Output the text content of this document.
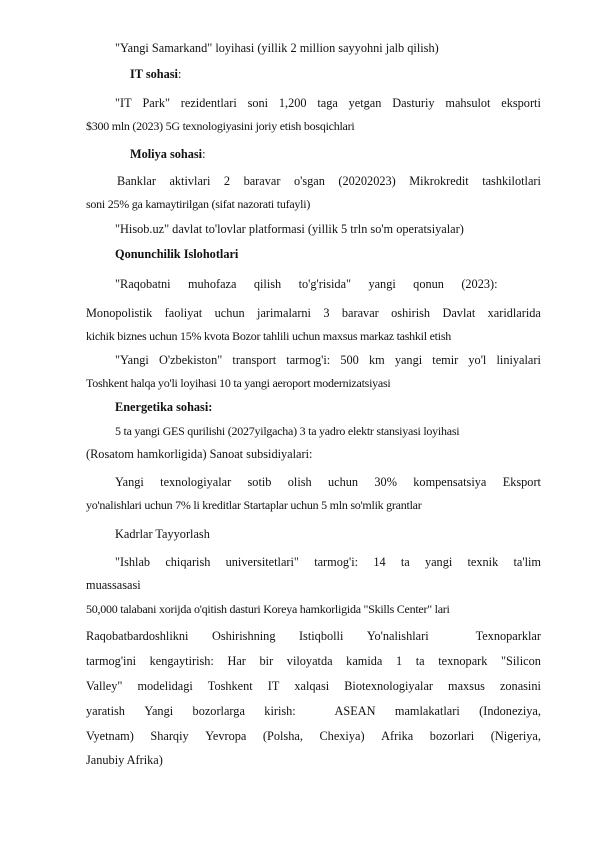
"Yangi Samarkand" loyihasi (yillik 2 million sayyohni jalb qilish)
IT sohasi:
"IT Park" rezidentlari soni 1,200 taga yetgan Dasturiy mahsulot eksporti
$300 mln (2023) 5G texnologiyasini joriy etish bosqichlari
Moliya sohasi:
Banklar aktivlari 2 baravar o'sgan (20202023) Mikrokredit tashkilotlari
soni 25% ga kamaytirilgan (sifat nazorati tufayli)
"Hisob.uz" davlat to'lovlar platformasi (yillik 5 trln so'm operatsiyalar)
Qonunchilik Islohotlari
"Raqobatni muhofaza qilish to'g'risida" yangi qonun (2023):
Monopolistik faoliyat uchun jarimalarni 3 baravar oshirish Davlat xaridlarida
kichik biznes uchun 15% kvota Bozor tahlili uchun maxsus markaz tashkil etish
"Yangi O'zbekiston" transport tarmog'i: 500 km yangi temir yo'l liniyalari
Toshkent halqa yo'li loyihasi 10 ta yangi aeroport modernizatsiyasi
Energetika sohasi:
5 ta yangi GES qurilishi (2027yilgacha) 3 ta yadro elektr stansiyasi loyihasi
(Rosatom hamkorligida) Sanoat subsidiyalari:
Yangi texnologiyalar sotib olish uchun 30% kompensatsiya Eksport
yo'nalishlari uchun 7% li kreditlar Startaplar uchun 5 mln so'mlik grantlar
Kadrlar Tayyorlash
"Ishlab chiqarish universitetlari" tarmog'i: 14 ta yangi texnik ta'lim
muassasasi
50,000 talabani xorijda o'qitish dasturi Koreya hamkorligida "Skills Center" lari
Raqobatbardoshlikni Oshirishning Istiqbolli Yo'nalishlari	Texnoparklar
tarmog'ini kengaytirish: Har bir viloyatda kamida 1 ta texnopark "Silicon
Valley" modelidagi Toshkent IT xalqasi Biotexnologiyalar maxsus zonasini
yaratish Yangi bozorlarga kirish:	ASEAN mamlakatlari (Indoneziya,
Vyetnam) Sharqiy Yevropa (Polsha, Chexiya) Afrika bozorlari (Nigeriya,
Janubiy Afrika)
